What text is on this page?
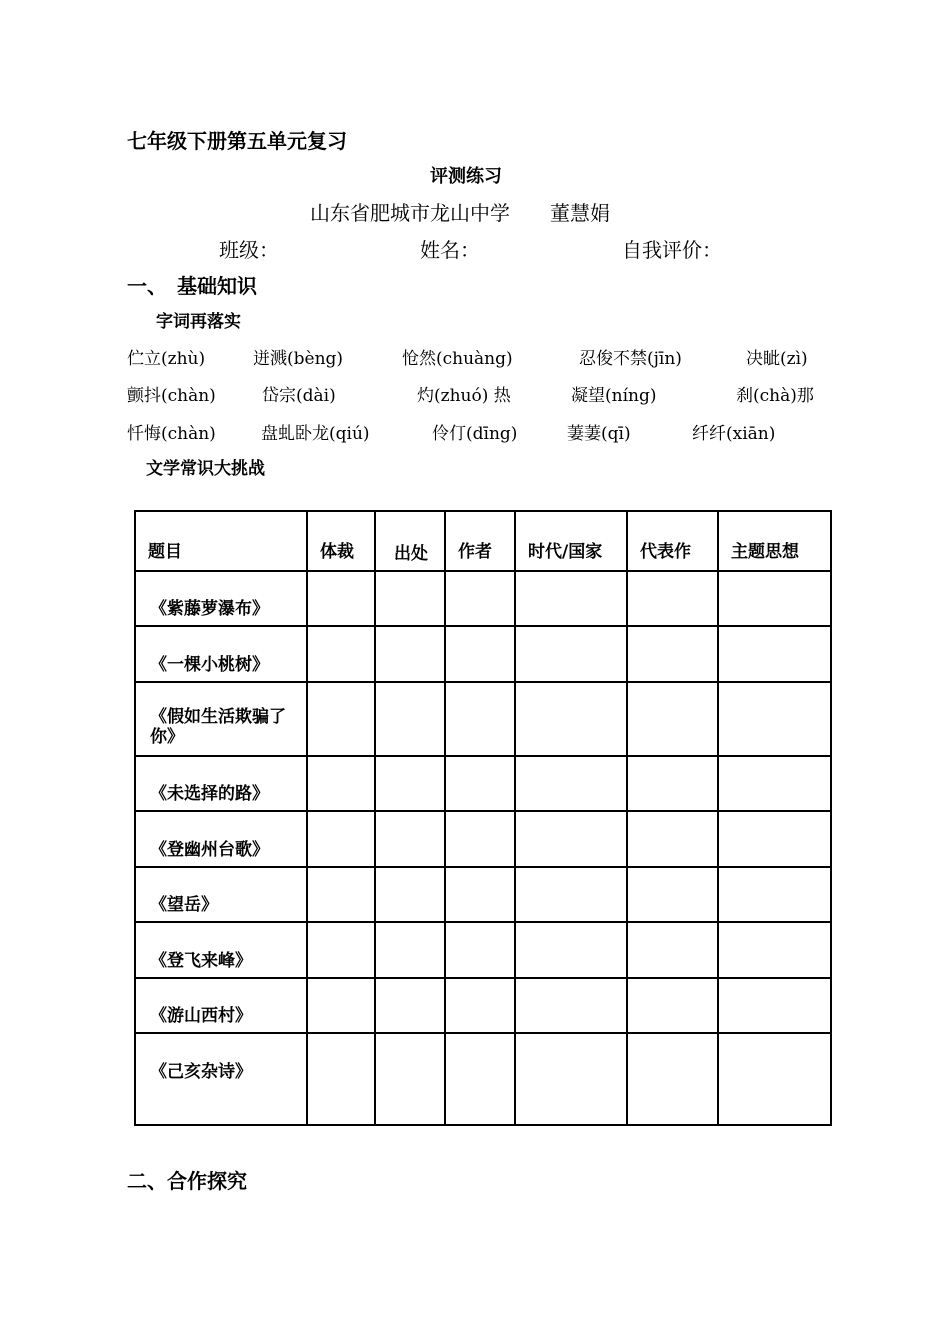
七年级下册第五单元复习
评测练习
山东省肥城市龙山中学　　董慧娟
班级：	姓名：	自我评价：
一、　基础知识
字词再落实
伫立(zhù)	迸溅(bèng)	怆然(chuàng)	忍俊不禁(jīn)	决眦(zì)
颤抖(chàn)	岱宗(dài)	灼(zhuó) 热	凝望(níng)	刹(chà)那
忏悔(chàn)	盘虬卧龙(qiú)	伶仃(dīng)	萋萋(qī)	纤纤(xiān)
文学常识大挑战
题目	体裁	出处	作者	时代/国家	代表作	主题思想
《紫藤萝瀑布》						
《一棵小桃树》						
《假如生活欺骗了你》						
《未选择的路》						
《登幽州台歌》						
《望岳》						
《登飞来峰》						
《游山西村》						
《己亥杂诗》						
二、合作探究
